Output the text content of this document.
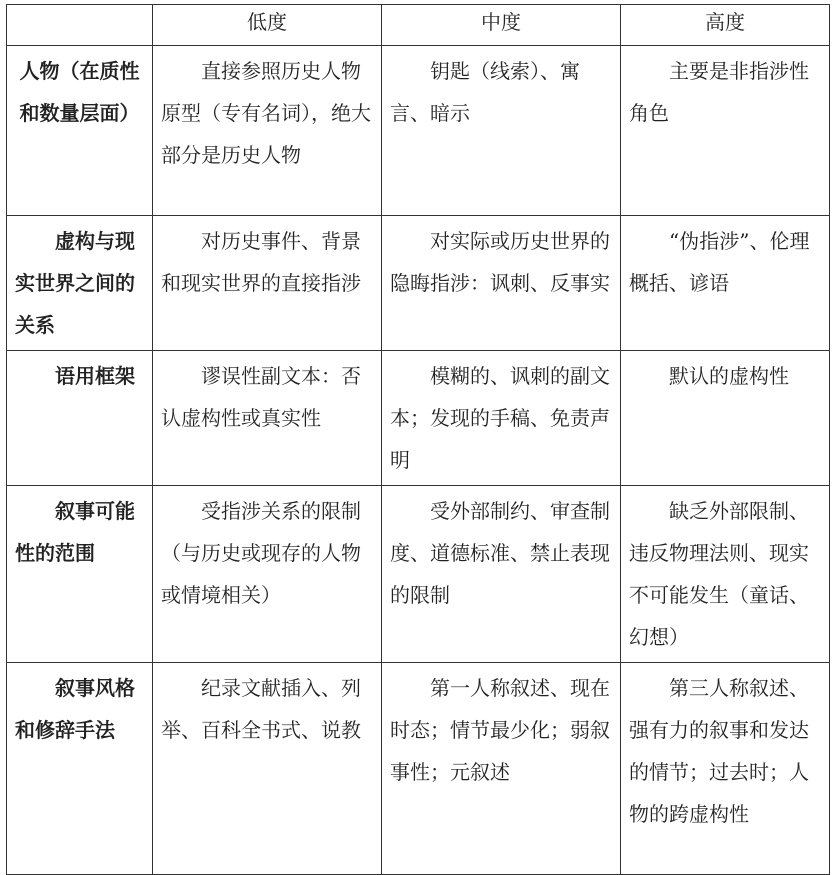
	低度	中度	高度
人物（在质性和数量层面）	直接参照历史人物原型（专有名词），绝大部分是历史人物	钥匙（线索）、寓言、暗示	主要是非指涉性角色
虚构与现实世界之间的关系	对历史事件、背景和现实世界的直接指涉	对实际或历史世界的隐晦指涉：讽刺、反事实	“伪指涉”、伦理概括、谚语
语用框架	谬误性副文本：否认虚构性或真实性	模糊的、讽刺的副文本；发现的手稿、免责声明	默认的虚构性
叙事可能性的范围	受指涉关系的限制（与历史或现存的人物或情境相关）	受外部制约、审查制度、道德标准、禁止表现的限制	缺乏外部限制、违反物理法则、现实不可能发生（童话、幻想）
叙事风格和修辞手法	纪录文献插入、列举、百科全书式、说教	第一人称叙述、现在时态；情节最少化；弱叙事性；元叙述	第三人称叙述、强有力的叙事和发达的情节；过去时；人物的跨虚构性
